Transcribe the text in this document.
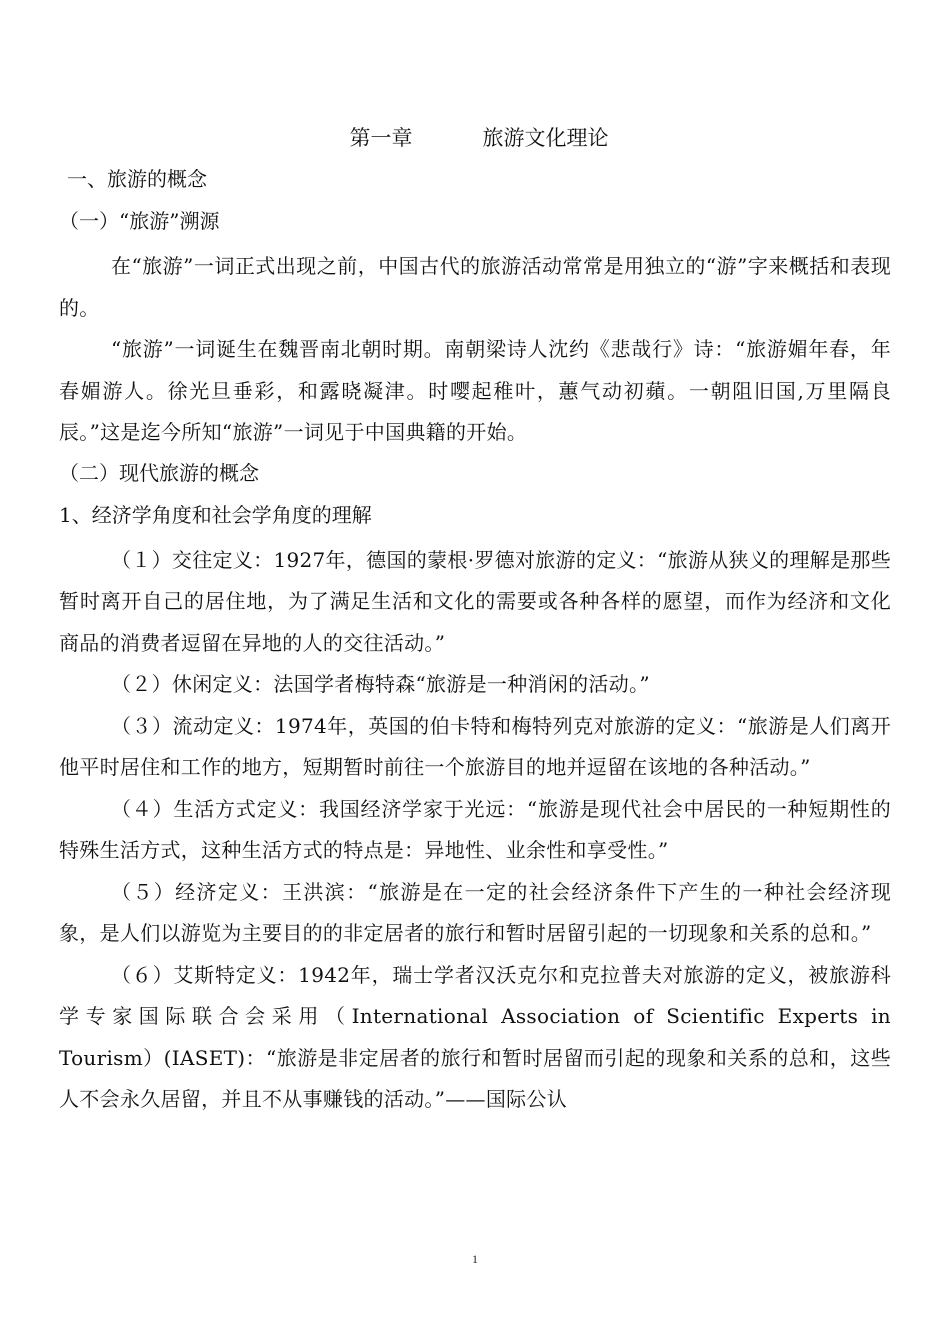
第一章	旅游文化理论
一、旅游的概念
（一）“旅游”溯源

在“旅游”一词正式出现之前，中国古代的旅游活动常常是用独立的“游”字来概括和表现的。

“旅游”一词诞生在魏晋南北朝时期。南朝梁诗人沈约《悲哉行》诗：“旅游媚年春，年春媚游人。徐光旦垂彩，和露晓凝津。时嘤起稚叶，蕙气动初蘋。一朝阻旧国,万里隔良辰。”这是迄今所知“旅游”一词见于中国典籍的开始。

（二）现代旅游的概念
1、经济学角度和社会学角度的理解

（１）交往定义：1927年，德国的蒙根·罗德对旅游的定义：“旅游从狭义的理解是那些暂时离开自己的居住地，为了满足生活和文化的需要或各种各样的愿望，而作为经济和文化商品的消费者逗留在异地的人的交往活动。”

（２）休闲定义：法国学者梅特森“旅游是一种消闲的活动。”

（３）流动定义：1974年，英国的伯卡特和梅特列克对旅游的定义：“旅游是人们离开他平时居住和工作的地方，短期暂时前往一个旅游目的地并逗留在该地的各种活动。”

（４）生活方式定义：我国经济学家于光远：“旅游是现代社会中居民的一种短期性的特殊生活方式，这种生活方式的特点是：异地性、业余性和享受性。”

（５）经济定义：王洪滨：“旅游是在一定的社会经济条件下产生的一种社会经济现象，是人们以游览为主要目的的非定居者的旅行和暂时居留引起的一切现象和关系的总和。”

（６）艾斯特定义：1942年，瑞士学者汉沃克尔和克拉普夫对旅游的定义，被旅游科学专家国际联合会采用（International Association of Scientific Experts in Tourism）(IASET)：“旅游是非定居者的旅行和暂时居留而引起的现象和关系的总和，这些人不会永久居留，并且不从事赚钱的活动。”——国际公认

1
